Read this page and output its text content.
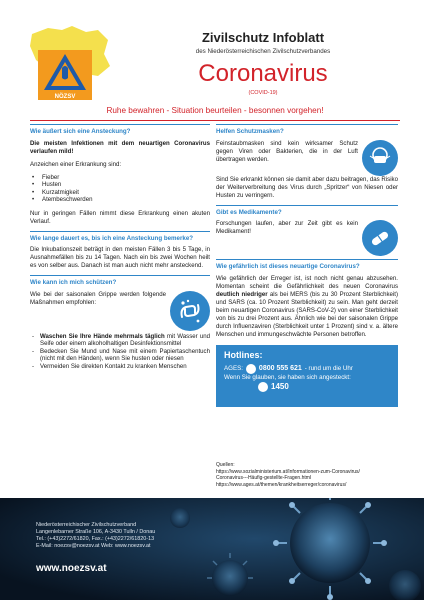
NÖZSV
Zivilschutz Infoblatt
des Niederösterreichischen Zivilschutzverbandes
Coronavirus
(COVID-19)
Ruhe bewahren - Situation beurteilen - besonnen vorgehen!
Wie äußert sich eine Ansteckung?
Die meisten Infektionen mit dem neuartigen Coronavirus verlaufen mild!
Anzeichen einer Erkrankung sind:
• Fieber
• Husten
• Kurzatmigkeit
• Atembeschwerden
Nur in geringen Fällen nimmt diese Erkrankung einen akuten Verlauf.
Wie lange dauert es, bis ich eine Ansteckung bemerke?
Die Inkubationszeit beträgt in den meisten Fällen 3 bis 5 Tage, in Ausnahmefällen bis zu 14 Tagen. Nach ein bis zwei Wochen heilt es von selber aus. Danach ist man auch nicht mehr ansteckend.
Wie kann ich mich schützen?
Wie bei der saisonalen Grippe werden folgende Maßnahmen empfohlen:
- Waschen Sie Ihre Hände mehrmals täglich mit Wasser und Seife oder einem alkoholhaltigen Desinfektionsmittel
- Bedecken Sie Mund und Nase mit einem Papiertaschentuch (nicht mit den Händen), wenn Sie husten oder niesen
- Vermeiden Sie direkten Kontakt zu kranken Menschen
Helfen Schutzmasken?
Feinstaubmasken sind kein wirksamer Schutz gegen Viren oder Bakterien, die in der Luft übertragen werden.
Sind Sie erkrankt können sie damit aber dazu beitragen, das Risiko der Weiterverbreitung des Virus durch „Spritzer“ von Niesen oder Husten zu verringern.
Gibt es Medikamente?
Forschungen laufen, aber zur Zeit gibt es kein Medikament!
Wie gefährlich ist dieses neuartige Coronavirus?
Wie gefährlich der Erreger ist, ist noch nicht genau abzusehen. Momentan scheint die Gefährlichkeit des neuen Coronavirus deutlich niedriger als bei MERS (bis zu 30 Prozent Sterblichkeit) und SARS (ca. 10 Prozent Sterblichkeit) zu sein. Man geht derzeit beim neuartigen Coronavirus (SARS-CoV-2) von einer Sterblichkeit von bis zu drei Prozent aus. Ähnlich wie bei der saisonalen Grippe durch Influenzaviren (Sterblichkeit unter 1 Prozent) sind v. a. ältere Menschen und immungeschwächte Personen betroffen.
Hotlines:
AGES: 0800 555 621 - rund um die Uhr
Wenn Sie glauben, sie haben sich angesteckt:
1450
Quellen:
https://www.sozialministerium.at/Informationen-zum-Coronavirus/
Coronavirus---Häufig-gestellte-Fragen.html
https://www.ages.at/themen/krankheitserreger/coronavirus/
Niederösterreichischer Zivilschutzverband
Langenlebarner Straße 106, A-3430 Tulln / Donau
Tel.: (+43)2272/61820, Fax.: (+43)2272/61820-13
E-Mail: noezsv@noezsv.at Web: www.noezsv.at
www.noezsv.at
